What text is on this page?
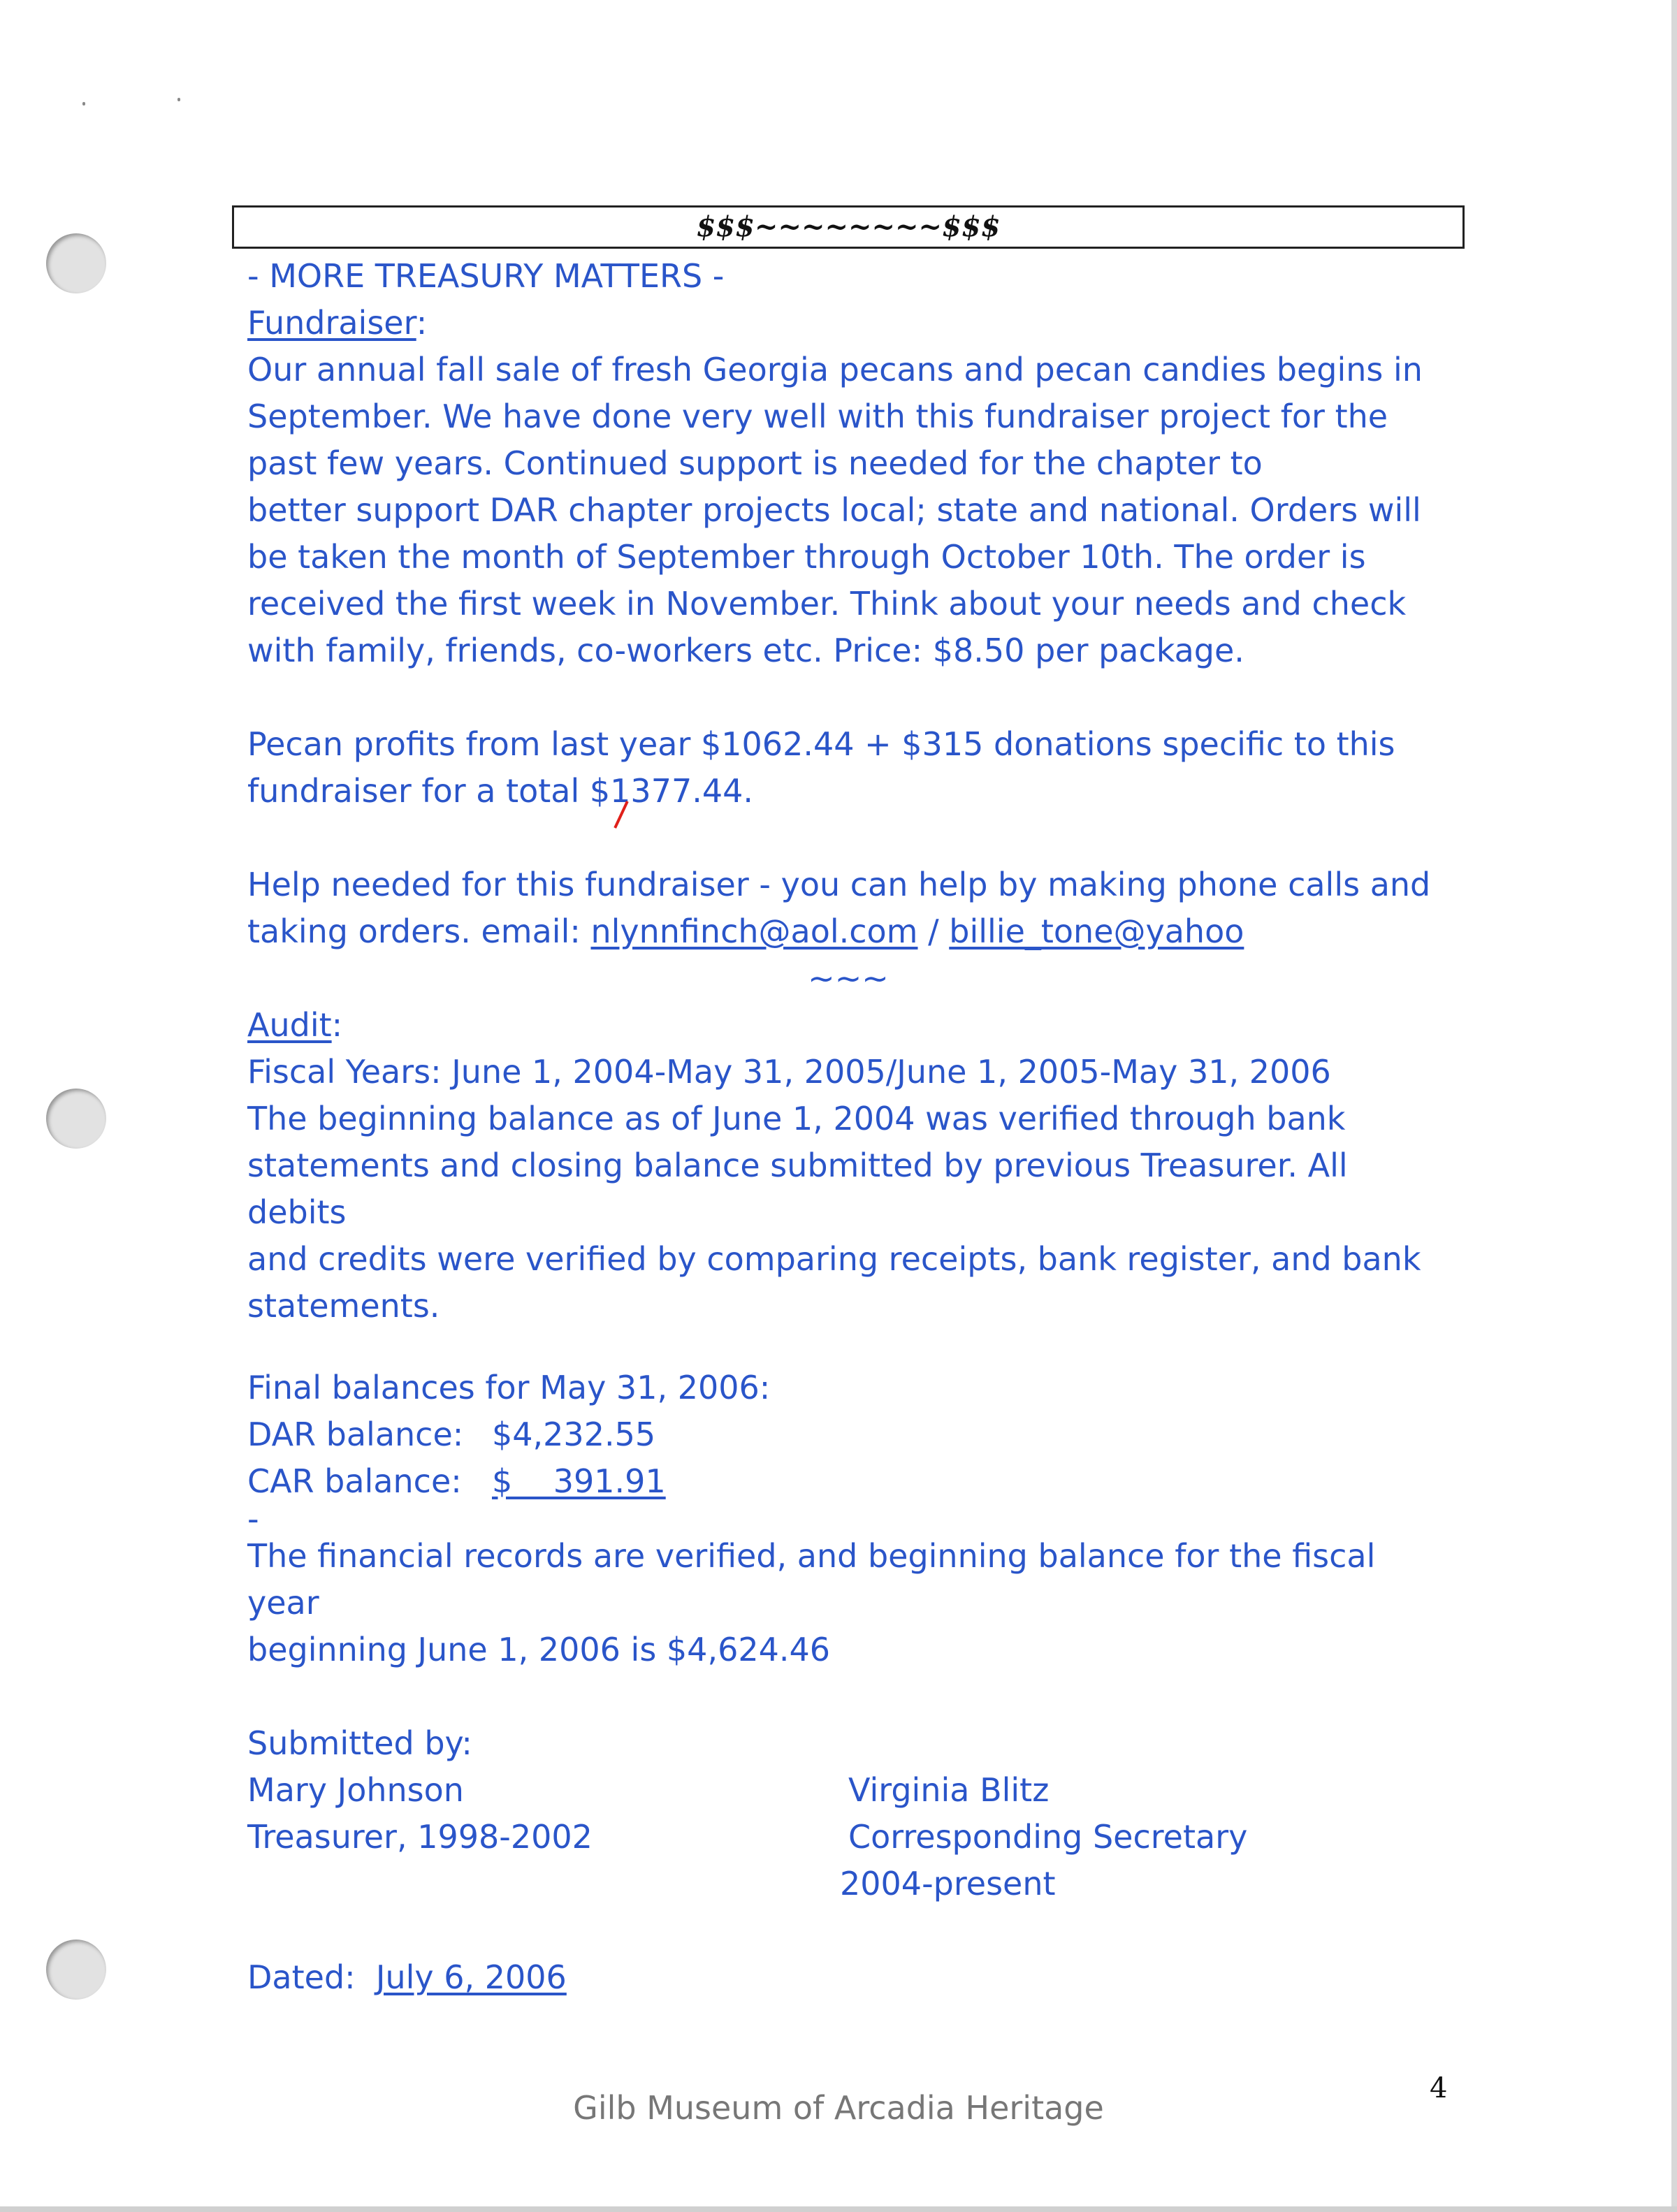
$$$~~~~~~~~$$$

- MORE TREASURY MATTERS -

Fundraiser:

Our annual fall sale of fresh Georgia pecans and pecan candies begins in

September. We have done very well with this fundraiser project for the

past few years. Continued support is needed for the chapter to

better support DAR chapter projects local; state and national. Orders will

be taken the month of September through October 10th. The order is

received the first week in November. Think about your needs and check

with family, friends, co-workers etc. Price: $8.50 per package.

Pecan profits from last year $1062.44 + $315 donations specific to this

fundraiser for a total $1
377.44.

Help needed for this fundraiser - you can help by making phone calls and

taking orders. email: nlynnfinch@aol.com / billie_tone@yahoo

~~~

Audit:

Fiscal Years: June 1, 2004-May 31, 2005/June 1, 2005-May 31, 2006

The beginning balance as of June 1, 2004 was verified through bank

statements and closing balance submitted by previous Treasurer. All debits

and credits were verified by comparing receipts, bank register, and bank

statements.

Final balances for May 31, 2006:

DAR balance: $4,232.55
CAR balance: $    391.91

-

The financial records are verified, and beginning balance for the fiscal year

beginning June 1, 2006 is $4,624.46

Submitted by:

Mary Johnson

Treasurer, 1998-2002

Virginia Blitz

Corresponding Secretary

2004-present

Dated:  July 6, 2006

4
Gilb Museum of Arcadia Heritage
